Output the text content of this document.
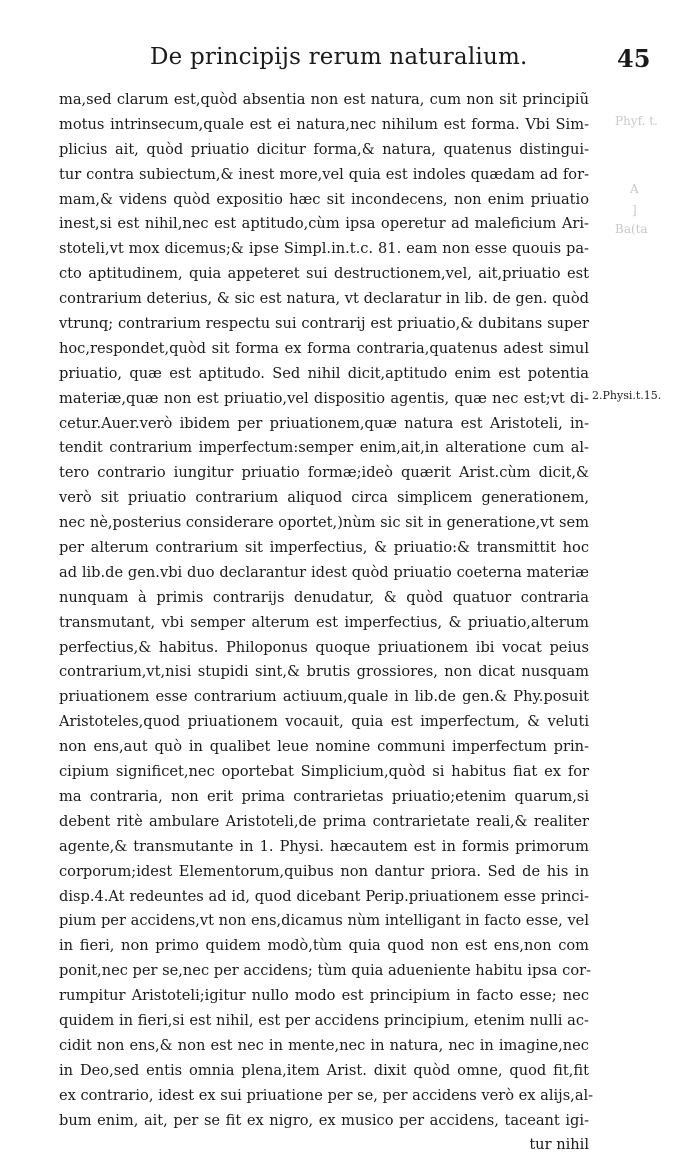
De principijs rerum naturalium.	45
ma,sed clarum est,quòd absentia non est natura, cum non sit principiũ
motus intrinsecum,quale est ei natura,nec nihilum est forma. Vbi Sim-
plicius ait, quòd priuatio dicitur forma,& natura, quatenus distingui-
tur contra subiectum,& inest more,vel quia est indoles quædam ad for-
mam,& videns quòd expositio hæc sit incondecens, non enim priuatio
inest,si est nihil,nec est aptitudo,cùm ipsa operetur ad maleficium Ari-
stoteli,vt mox dicemus;& ipse Simpl.in.t.c. 81. eam non esse quouis pa-
cto aptitudinem, quia appeteret sui destructionem,vel, ait,priuatio est
contrarium deterius, & sic est natura, vt declaratur in lib. de gen. quòd
vtrunq; contrarium respectu sui contrarij est priuatio,& dubitans super
hoc,respondet,quòd sit forma ex forma contraria,quatenus adest simul
priuatio, quæ est aptitudo. Sed nihil dicit,aptitudo enim est potentia
materiæ,quæ non est priuatio,vel dispositio agentis, quæ nec est;vt di-
cetur.Auer.verò ibidem per priuationem,quæ natura est Aristoteli, in-
tendit contrarium imperfectum:semper enim,ait,in alteratione cum al-
tero contrario iungitur priuatio formæ;ideò quærit Arist.cùm dicit,&
verò sit priuatio contrarium aliquod circa simplicem generationem,
nec nè,posterius considerare oportet,)nùm sic sit in generatione,vt sem
per alterum contrarium sit imperfectius, & priuatio:& transmittit hoc
ad lib.de gen.vbi duo declarantur idest quòd priuatio coeterna materiæ
nunquam à primis contrarijs denudatur, & quòd quatuor contraria
transmutant, vbi semper alterum est imperfectius, & priuatio,alterum
perfectius,& habitus. Philoponus quoque priuationem ibi vocat peius
contrarium,vt,nisi stupidi sint,& brutis grossiores, non dicat nusquam
priuationem esse contrarium actiuum,quale in lib.de gen.& Phy.posuit
Aristoteles,quod priuationem vocauit, quia est imperfectum, & veluti
non ens,aut quò in qualibet leue nomine communi imperfectum prin-
cipium significet,nec oportebat Simplicium,quòd si habitus fiat ex for
ma contraria, non erit prima contrarietas priuatio;etenim quarum,si
debent ritè ambulare Aristoteli,de prima contrarietate reali,& realiter
agente,& transmutante in 1. Physi. hæcautem est in formis primorum
corporum;idest Elementorum,quibus non dantur priora. Sed de his in
disp.4.At redeuntes ad id, quod dicebant Perip.priuationem esse princi-
pium per accidens,vt non ens,dicamus nùm intelligant in facto esse, vel
in fieri, non primo quidem modò,tùm quia quod non est ens,non com
ponit,nec per se,nec per accidens; tùm quia adueniente habitu ipsa cor-
rumpitur Aristoteli;igitur nullo modo est principium in facto esse; nec
quidem in fieri,si est nihil, est per accidens principium, etenim nulli ac-
cidit non ens,& non est nec in mente,nec in natura, nec in imagine,nec
in Deo,sed entis omnia plena,item Arist. dixit quòd omne, quod fit,fit
ex contrario, idest ex sui priuatione per se, per accidens verò ex alijs,al-
bum enim, ait, per se fit ex nigro, ex musico per accidens, taceant igi-
tur nihil
2.Physi.t.15.
Phyf. t.
A
]
Ba(ta
